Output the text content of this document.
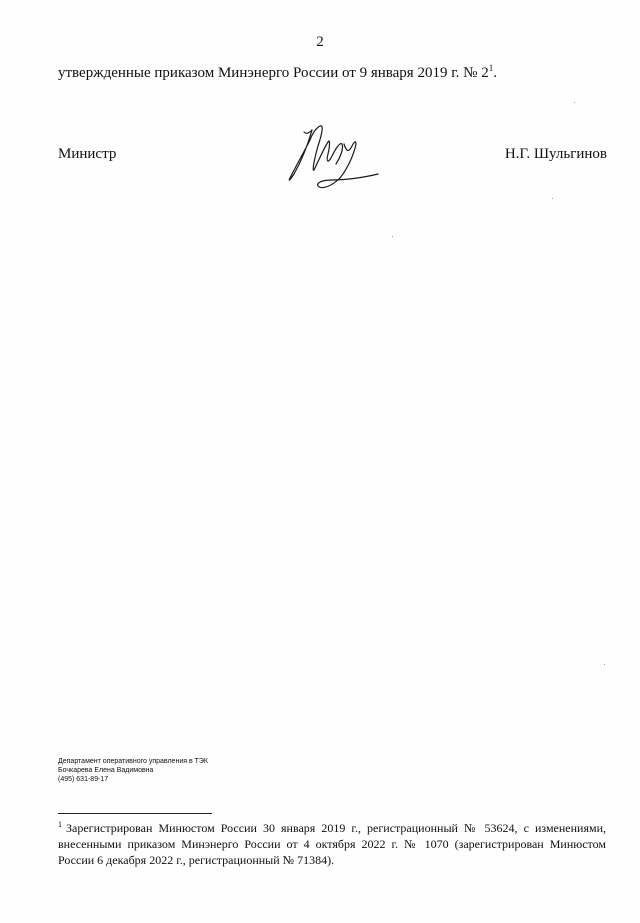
2
утвержденные приказом Минэнерго России от 9 января 2019 г. № $2^1$.
Министр	Н.Г. Шульгинов
Департамент оперативного управления в ТЭК
Бочкарева Елена Вадимовна
(495) 631-89-17
$^1$ Зарегистрирован Минюстом России 30 января 2019 г., регистрационный № 53624, с изменениями, внесенными приказом Минэнерго России от 4 октября 2022 г. № 1070 (зарегистрирован Минюстом России 6 декабря 2022 г., регистрационный № 71384).
